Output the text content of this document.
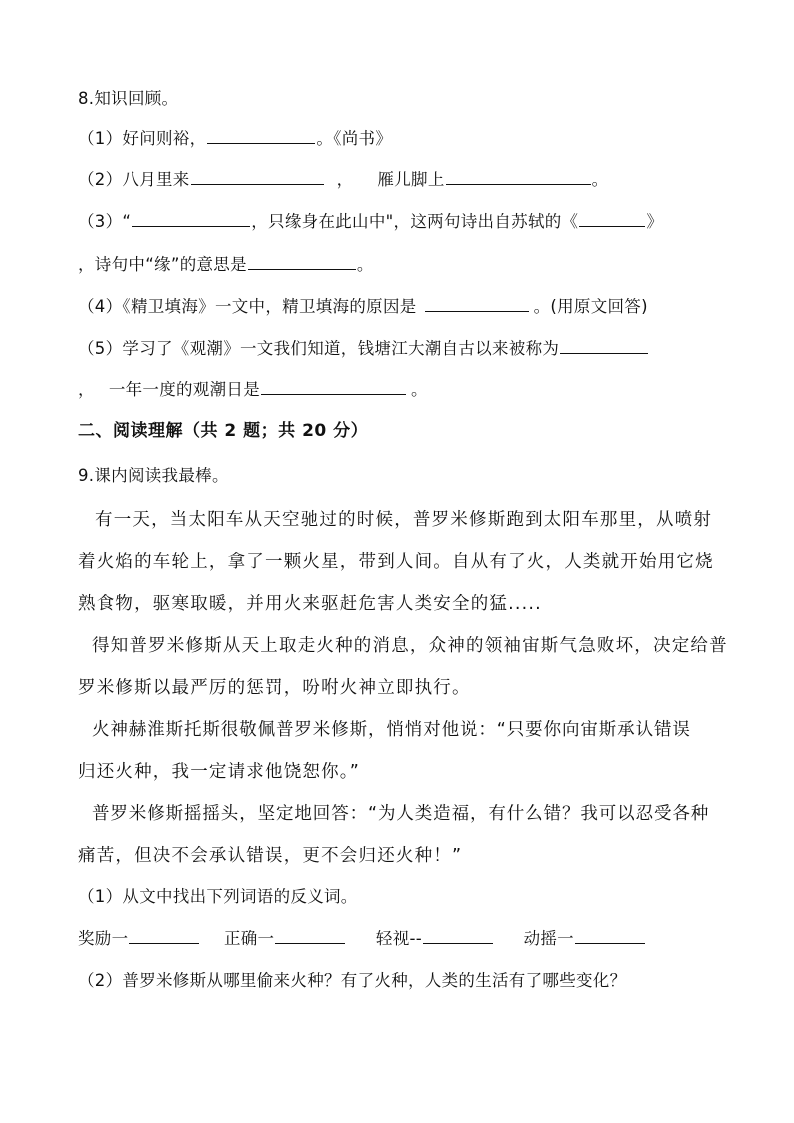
8.知识回顾。
（1）好问则裕，	。《尚书》
（2）八月里来	， 雁儿脚上	。
（3）“	，只缘身在此山中"，这两句诗出自苏轼的《	》
，诗句中“缘”的意思是	。
（4）《精卫填海》一文中，精卫填海的原因是	。(用原文回答)
（5）学习了《观潮》一文我们知道，钱塘江大潮自古以来被称为
， 一年一度的观潮日是	。
二、阅读理解（共 2 题；共 20 分）
9.课内阅读我最棒。
有一天，当太阳车从天空驰过的时候，普罗米修斯跑到太阳车那里，从喷射
着火焰的车轮上，拿了一颗火星，带到人间。自从有了火，人类就开始用它烧
熟食物，驱寒取暖，并用火来驱赶危害人类安全的猛.....
得知普罗米修斯从天上取走火种的消息，众神的领袖宙斯气急败坏，决定给普
罗米修斯以最严厉的惩罚，吩咐火神立即执行。
火神赫淮斯托斯很敬佩普罗米修斯，悄悄对他说：“只要你向宙斯承认错误
归还火种，我一定请求他饶恕你。”
普罗米修斯摇摇头，坚定地回答：“为人类造福，有什么错？我可以忍受各种
痛苦，但决不会承认错误，更不会归还火种！”
（1）从文中找出下列词语的反义词。
奖励一	正确一	轻视--	动摇一
（2）普罗米修斯从哪里偷来火种？有了火种，人类的生活有了哪些变化？
